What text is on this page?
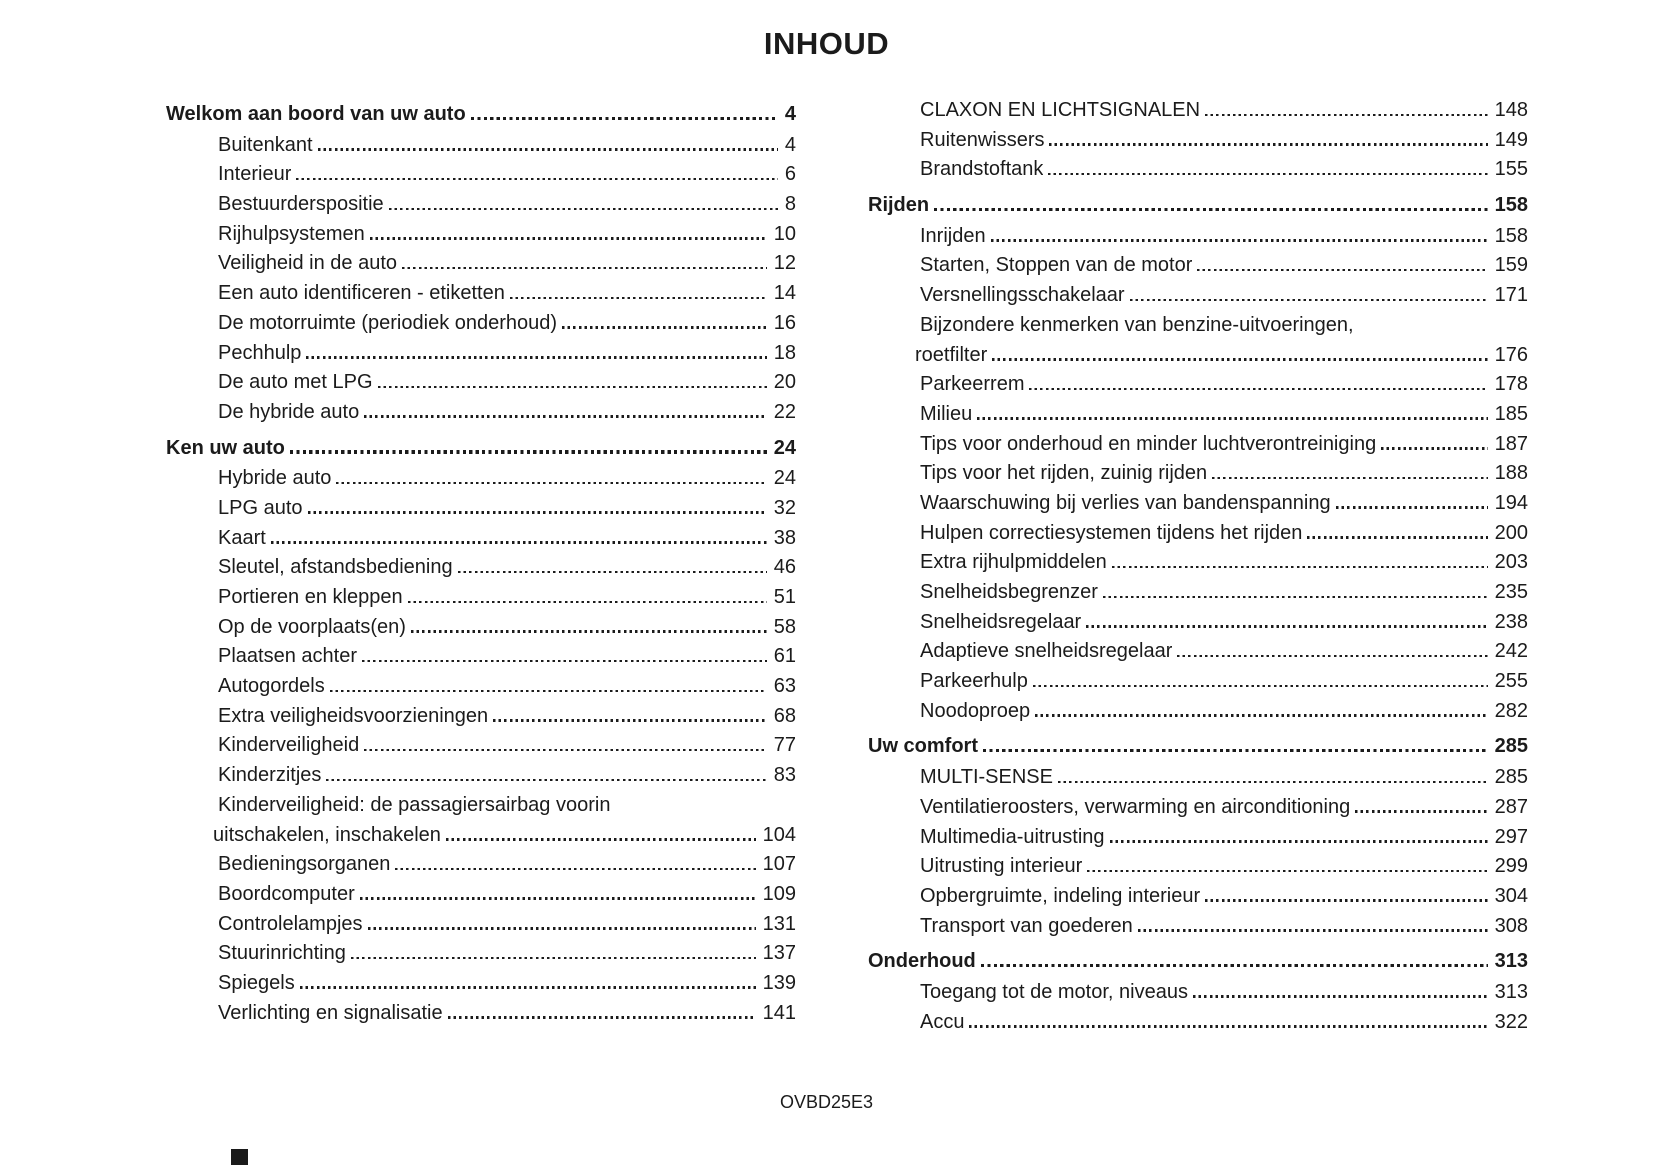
INHOUD
Welkom aan boord van uw auto	4
Buitenkant	4
Interieur	6
Bestuurderspositie	8
Rijhulpsystemen	10
Veiligheid in de auto	12
Een auto identificeren - etiketten	14
De motorruimte (periodiek onderhoud)	16
Pechhulp	18
De auto met LPG	20
De hybride auto	22
Ken uw auto	24
Hybride auto	24
LPG auto	32
Kaart	38
Sleutel, afstandsbediening	46
Portieren en kleppen	51
Op de voorplaats(en)	58
Plaatsen achter	61
Autogordels	63
Extra veiligheidsvoorzieningen	68
Kinderveiligheid	77
Kinderzitjes	83
Kinderveiligheid: de passagiersairbag voorin
uitschakelen, inschakelen	104
Bedieningsorganen	107
Boordcomputer	109
Controlelampjes	131
Stuurinrichting	137
Spiegels	139
Verlichting en signalisatie	141
CLAXON EN LICHTSIGNALEN	148
Ruitenwissers	149
Brandstoftank	155
Rijden	158
Inrijden	158
Starten, Stoppen van de motor	159
Versnellingsschakelaar	171
Bijzondere kenmerken van benzine-uitvoeringen,
roetfilter	176
Parkeerrem	178
Milieu	185
Tips voor onderhoud en minder luchtverontreiniging	187
Tips voor het rijden, zuinig rijden	188
Waarschuwing bij verlies van bandenspanning	194
Hulpen correctiesystemen tijdens het rijden	200
Extra rijhulpmiddelen	203
Snelheidsbegrenzer	235
Snelheidsregelaar	238
Adaptieve snelheidsregelaar	242
Parkeerhulp	255
Noodoproep	282
Uw comfort	285
MULTI-SENSE	285
Ventilatieroosters, verwarming en airconditioning	287
Multimedia-uitrusting	297
Uitrusting interieur	299
Opbergruimte, indeling interieur	304
Transport van goederen	308
Onderhoud	313
Toegang tot de motor, niveaus	313
Accu	322
OVBD25E3
